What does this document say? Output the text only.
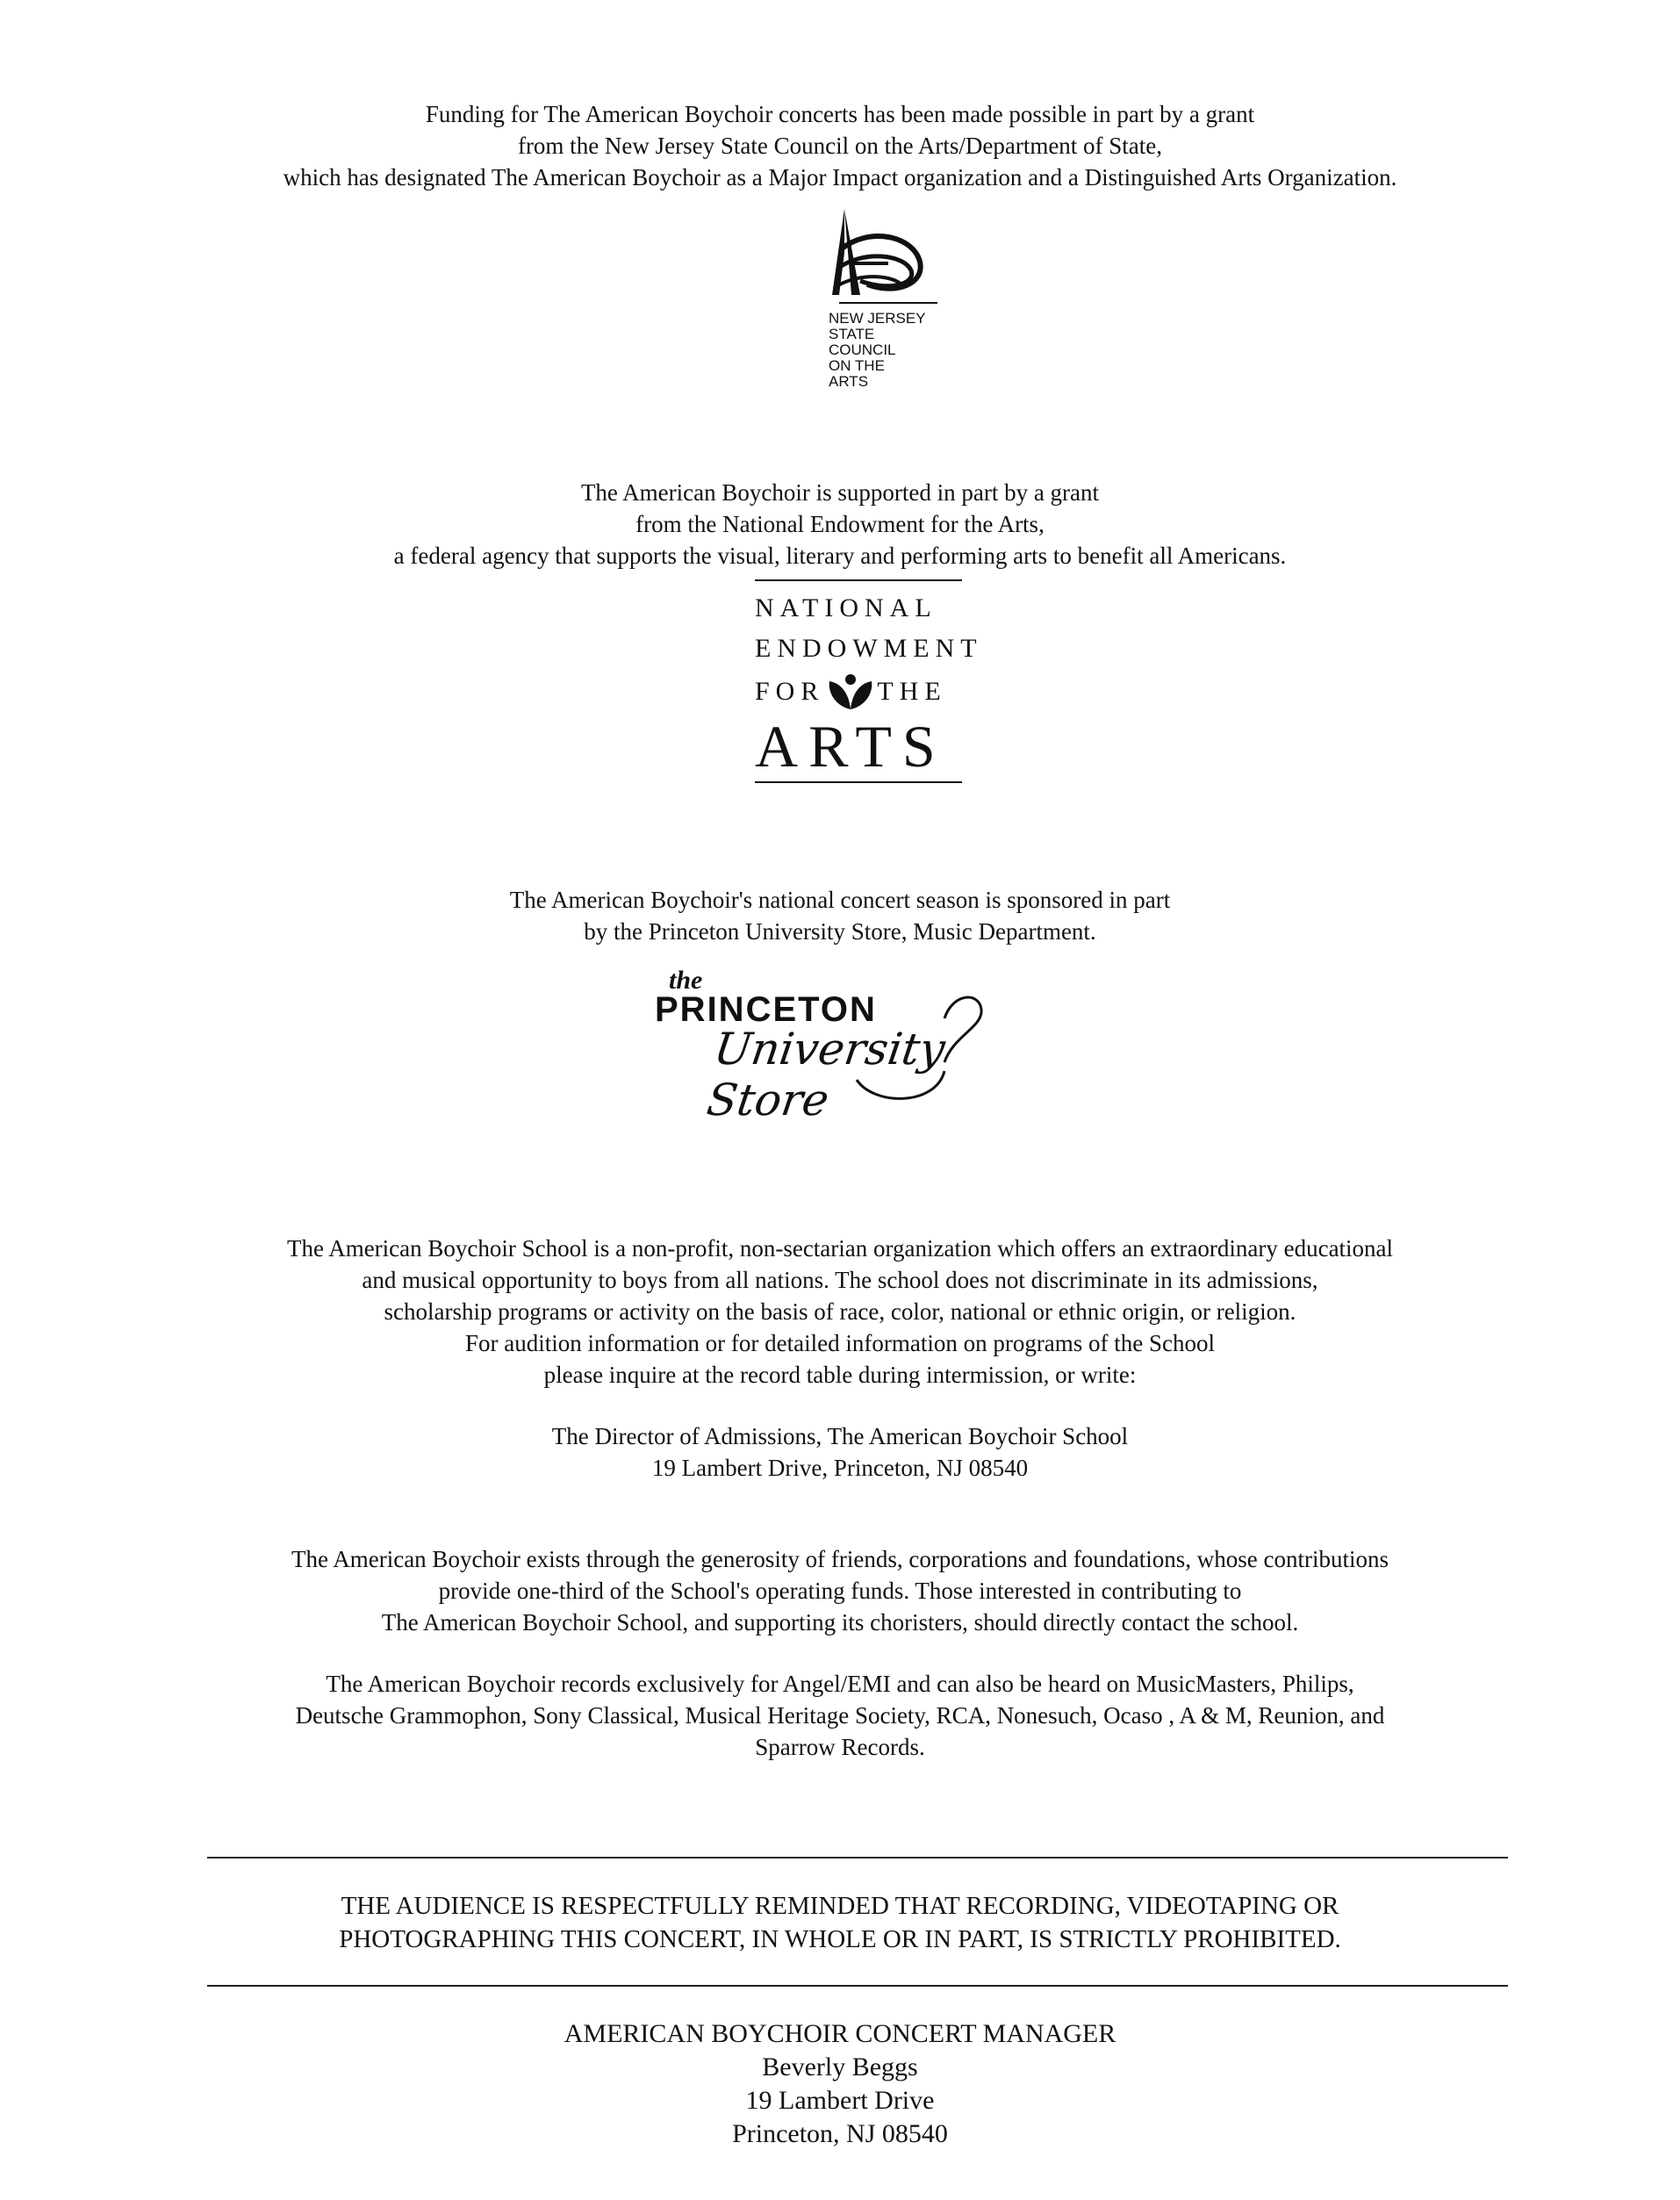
Funding for The American Boychoir concerts has been made possible in part by a grant
from the New Jersey State Council on the Arts/Department of State,
which has designated The American Boychoir as a Major Impact organization and a Distinguished Arts Organization.
NEW JERSEY
STATE
COUNCIL
ON THE
ARTS
The American Boychoir is supported in part by a grant
from the National Endowment for the Arts,
a federal agency that supports the visual, literary and performing arts to benefit all Americans.
NATIONAL
ENDOWMENT
FOR THE
ARTS
The American Boychoir's national concert season is sponsored in part
by the Princeton University Store, Music Department.
the
PRINCETON
University Store
The American Boychoir School is a non-profit, non-sectarian organization which offers an extraordinary educational
and musical opportunity to boys from all nations. The school does not discriminate in its admissions,
scholarship programs or activity on the basis of race, color, national or ethnic origin, or religion.
For audition information or for detailed information on programs of the School
please inquire at the record table during intermission, or write:
The Director of Admissions, The American Boychoir School
19 Lambert Drive, Princeton, NJ 08540
The American Boychoir exists through the generosity of friends, corporations and foundations, whose contributions
provide one-third of the School's operating funds. Those interested in contributing to
The American Boychoir School, and supporting its choristers, should directly contact the school.
The American Boychoir records exclusively for Angel/EMI and can also be heard on MusicMasters, Philips,
Deutsche Grammophon, Sony Classical, Musical Heritage Society, RCA, Nonesuch, Ocaso , A & M, Reunion, and
Sparrow Records.
THE AUDIENCE IS RESPECTFULLY REMINDED THAT RECORDING, VIDEOTAPING OR
PHOTOGRAPHING THIS CONCERT, IN WHOLE OR IN PART, IS STRICTLY PROHIBITED.
AMERICAN BOYCHOIR CONCERT MANAGER
Beverly Beggs
19 Lambert Drive
Princeton, NJ 08540
